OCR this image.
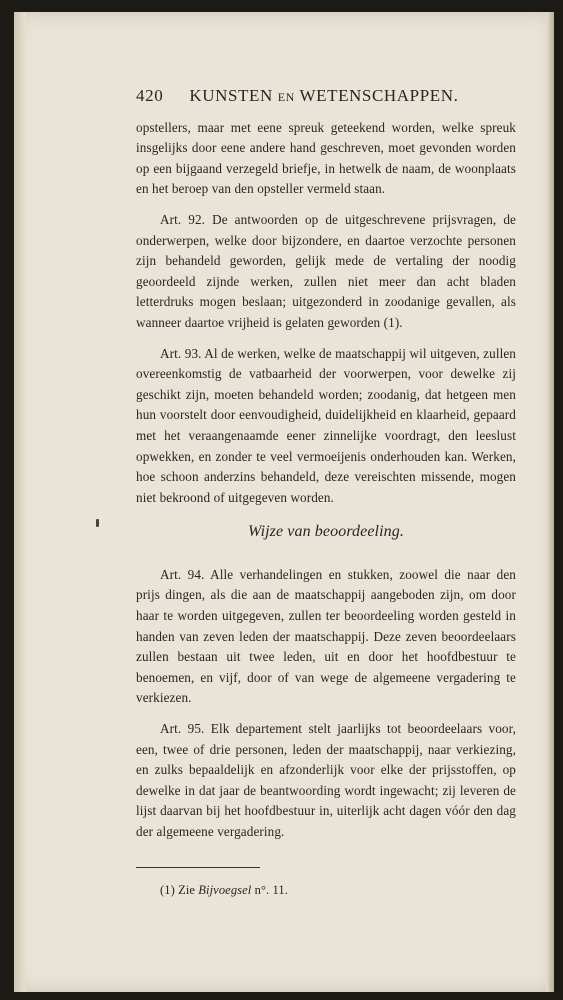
420 KUNSTEN EN WETENSCHAPPEN.

opstellers, maar met eene spreuk geteekend worden, welke spreuk insgelijks door eene andere hand geschreven, moet gevonden worden op een bijgaand verzegeld briefje, in hetwelk de naam, de woonplaats en het beroep van den opsteller vermeld staan.

Art. 92. De antwoorden op de uitgeschrevene prijsvragen, de onderwerpen, welke door bijzondere, en daartoe verzochte personen zijn behandeld geworden, gelijk mede de vertaling der noodig geoordeeld zijnde werken, zullen niet meer dan acht bladen letterdruks mogen beslaan; uitgezonderd in zoodanige gevallen, als wanneer daartoe vrijheid is gelaten geworden (1).

Art. 93. Al de werken, welke de maatschappij wil uitgeven, zullen overeenkomstig de vatbaarheid der voorwerpen, voor dewelke zij geschikt zijn, moeten behandeld worden; zoodanig, dat hetgeen men hun voorstelt door eenvoudigheid, duidelijkheid en klaarheid, gepaard met het veraangenaamde eener zinnelijke voordragt, den leeslust opwekken, en zonder te veel vermoeijenis onderhouden kan. Werken, hoe schoon anderzins behandeld, deze vereischten missende, mogen niet bekroond of uitgegeven worden.

Wijze van beoordeeling.

Art. 94. Alle verhandelingen en stukken, zoowel die naar den prijs dingen, als die aan de maatschappij aangeboden zijn, om door haar te worden uitgegeven, zullen ter beoordeeling worden gesteld in handen van zeven leden der maatschappij. Deze zeven beoordeelaars zullen bestaan uit twee leden, uit en door het hoofdbestuur te benoemen, en vijf, door of van wege de algemeene vergadering te verkiezen.

Art. 95. Elk departement stelt jaarlijks tot beoordeelaars voor, een, twee of drie personen, leden der maatschappij, naar verkiezing, en zulks bepaaldelijk en afzonderlijk voor elke der prijsstoffen, op dewelke in dat jaar de beantwoording wordt ingewacht; zij leveren de lijst daarvan bij het hoofdbestuur in, uiterlijk acht dagen vóór den dag der algemeene vergadering.

(1) Zie Bijvoegsel n°. 11.
